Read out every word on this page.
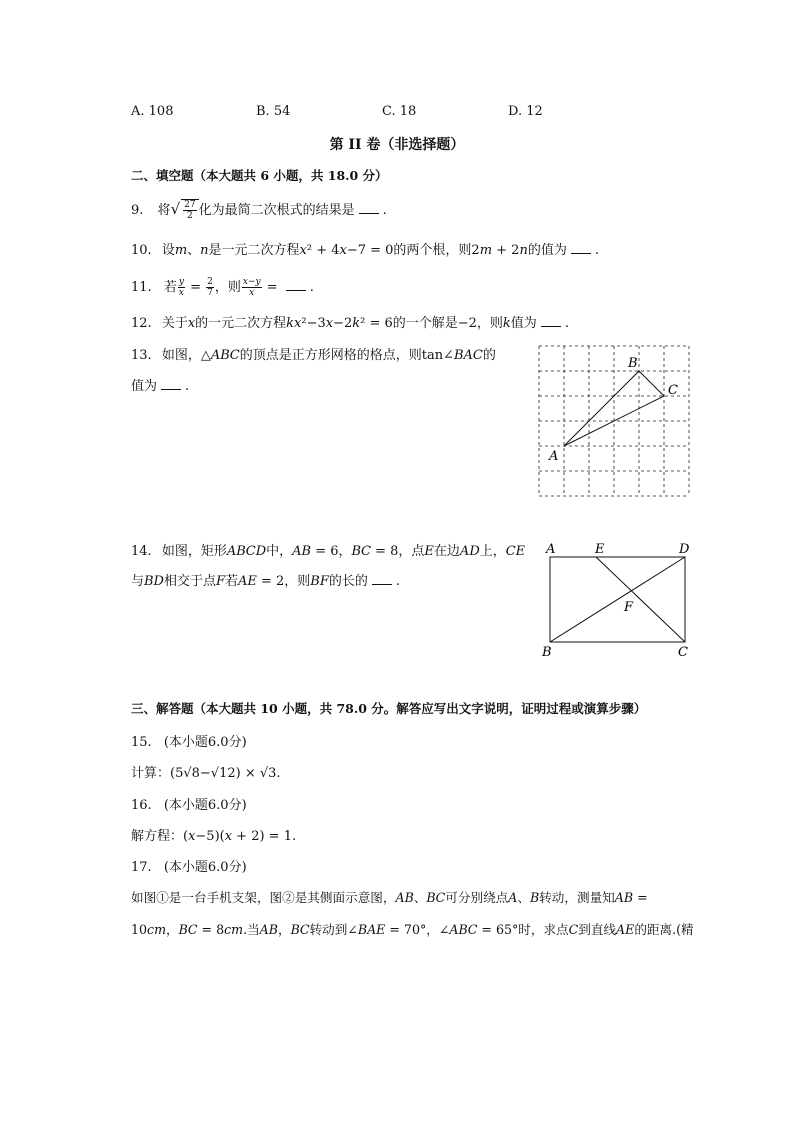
A. 108	B. 54	C. 18	D. 12
第 II 卷（非选择题）
二、填空题（本大题共 6 小题，共 18.0 分）
9. 将√ $\frac{27}{2}$ 化为最简二次根式的结果是 .
10. 设𝑚、𝑛是一元二次方程𝑥² + 4𝑥−7 = 0的两个根，则2𝑚 + 2𝑛的值为 .
11. 若 $\frac{y}{x} = \frac{2}{7}$ ，则 $\frac{x-y}{x}$ = .
12. 关于𝑥的一元二次方程𝑘𝑥²−3𝑥−2𝑘² = 6的一个解是−2，则𝑘值为 .
13. 如图，△𝐴𝐵𝐶的顶点是正方形网格的格点，则tan∠𝐵𝐴𝐶的
值为 .
A
B
C
14. 如图，矩形𝐴𝐵𝐶𝐷中，𝐴𝐵 = 6，𝐵𝐶 = 8，点𝐸在边𝐴𝐷上，𝐶𝐸
与𝐵𝐷相交于点𝐹若𝐴𝐸 = 2，则𝐵𝐹的长的 .
A	E	D
F
B	C
三、解答题（本大题共 10 小题，共 78.0 分。解答应写出文字说明，证明过程或演算步骤）
15. (本小题6.0分)
计算：(5√8−√12) × √3.
16. (本小题6.0分)
解方程：(𝑥−5)(𝑥 + 2) = 1.
17. (本小题6.0分)
如图①是一台手机支架，图②是其侧面示意图，𝐴𝐵、𝐵𝐶可分别绕点𝐴、𝐵转动，测量知𝐴𝐵 =
10𝑐𝑚，𝐵𝐶 = 8𝑐𝑚.当𝐴𝐵，𝐵𝐶转动到∠𝐵𝐴𝐸 = 70°，∠𝐴𝐵𝐶 = 65°时，求点𝐶到直线𝐴𝐸的距离.(精
